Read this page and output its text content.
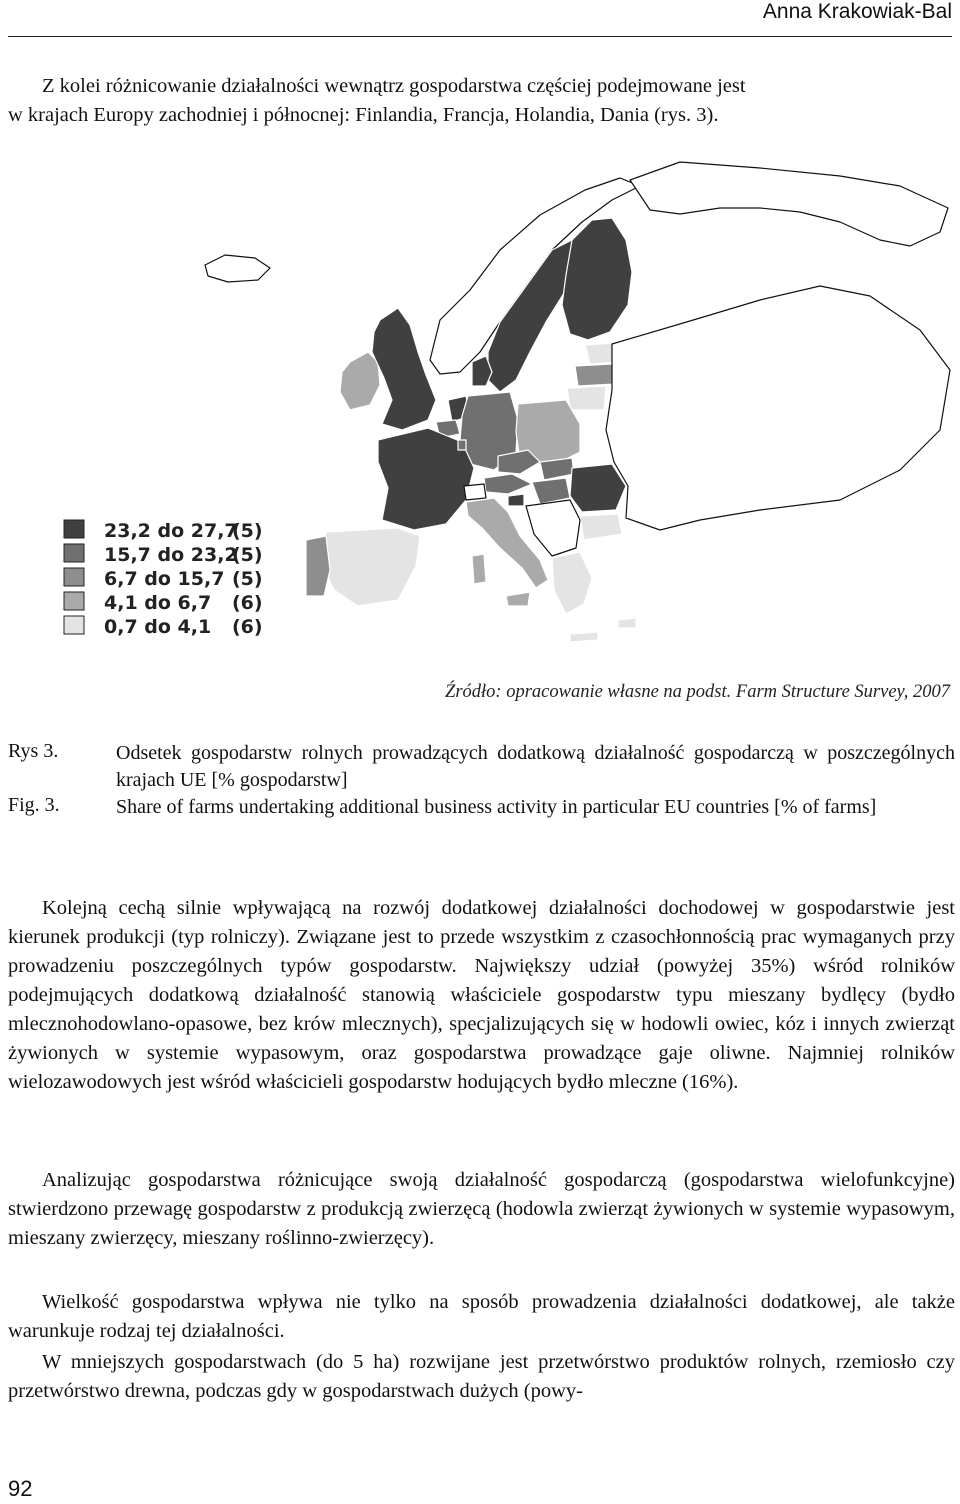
Anna Krakowiak-Bal

Z kolei różnicowanie działalności wewnątrz gospodarstwa częściej podejmowane jest
w krajach Europy zachodniej i północnej: Finlandia, Francja, Holandia, Dania (rys. 3).

23,2 do 27,7
(5)
15,7 do 23,2
(5)
6,7 do 15,7 (5)
4,1 do 6,7 (6)
0,7 do 4,1 (6)
Źródło: opracowanie własne na podst. Farm Structure Survey, 2007
Rys 3.	Odsetek gospodarstw rolnych prowadzących dodatkową działalność gospodarczą w poszczególnych krajach UE [% gospodarstw]

Fig. 3.	Share of farms undertaking additional business activity in particular EU countries [% of farms]

Kolejną cechą silnie wpływającą na rozwój dodatkowej działalności dochodowej w gospodarstwie jest kierunek produkcji (typ rolniczy). Związane jest to przede wszystkim z czasochłonnością prac wymaganych przy prowadzeniu poszczególnych typów gospodarstw. Największy udział (powyżej 35%) wśród rolników podejmujących dodatkową działalność stanowią właściciele gospodarstw typu mieszany bydlęcy (bydło mlecznohodowlano-opasowe, bez krów mlecznych), specjalizujących się w hodowli owiec, kóz i innych zwierząt żywionych w systemie wypasowym, oraz gospodarstwa prowadzące gaje oliwne. Najmniej rolników wielozawodowych jest wśród właścicieli gospodarstw hodujących bydło mleczne (16%).

Analizując gospodarstwa różnicujące swoją działalność gospodarczą (gospodarstwa wielofunkcyjne) stwierdzono przewagę gospodarstw z produkcją zwierzęcą (hodowla zwierząt żywionych w systemie wypasowym, mieszany zwierzęcy, mieszany roślinno-zwierzęcy).

Wielkość gospodarstwa wpływa nie tylko na sposób prowadzenia działalności dodatkowej, ale także warunkuje rodzaj tej działalności.

W mniejszych gospodarstwach (do 5 ha) rozwijane jest przetwórstwo produktów rolnych, rzemiosło czy przetwórstwo drewna, podczas gdy w gospodarstwach dużych (powy-

92
